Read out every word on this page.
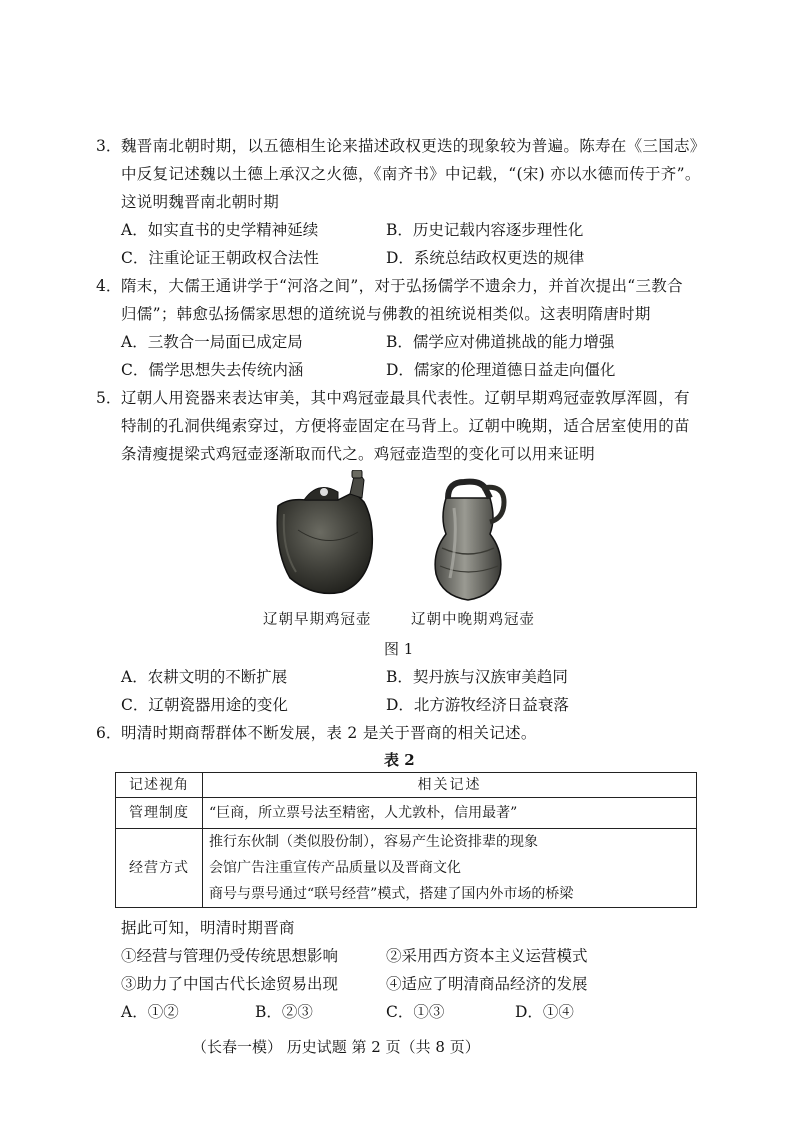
3． 魏晋南北朝时期，以五德相生论来描述政权更迭的现象较为普遍。陈寿在《三国志》
中反复记述魏以土德上承汉之火德，《南齐书》中记载，“(宋) 亦以水德而传于齐”。
这说明魏晋南北朝时期
A．如实直书的史学精神延续	B．历史记载内容逐步理性化
C．注重论证王朝政权合法性	D．系统总结政权更迭的规律
4． 隋末，大儒王通讲学于“河洛之间”，对于弘扬儒学不遗余力，并首次提出“三教合
归儒”；韩愈弘扬儒家思想的道统说与佛教的祖统说相类似。这表明隋唐时期
A．三教合一局面已成定局	B．儒学应对佛道挑战的能力增强
C．儒学思想失去传统内涵	D．儒家的伦理道德日益走向僵化
5． 辽朝人用瓷器来表达审美，其中鸡冠壶最具代表性。辽朝早期鸡冠壶敦厚浑圆，有
特制的孔洞供绳索穿过，方便将壶固定在马背上。辽朝中晚期，适合居室使用的苗
条清瘦提梁式鸡冠壶逐渐取而代之。鸡冠壶造型的变化可以用来证明
辽朝早期鸡冠壶	辽朝中晚期鸡冠壶
图 1
A．农耕文明的不断扩展	B．契丹族与汉族审美趋同
C．辽朝瓷器用途的变化	D．北方游牧经济日益衰落
6． 明清时期商帮群体不断发展，表 2 是关于晋商的相关记述。
表 2
记述视角	相关记述
管理制度	“巨商，所立票号法至精密，人尤敦朴，信用最著”
经营方式	推行东伙制（类似股份制），容易产生论资排辈的现象
会馆广告注重宣传产品质量以及晋商文化
商号与票号通过“联号经营”模式，搭建了国内外市场的桥梁
据此可知，明清时期晋商
①经营与管理仍受传统思想影响	②采用西方资本主义运营模式
③助力了中国古代长途贸易出现	④适应了明清商品经济的发展
A．①②	B．②③	C．①③	D．①④
（长春一模） 历史试题 第 2 页（共 8 页）
